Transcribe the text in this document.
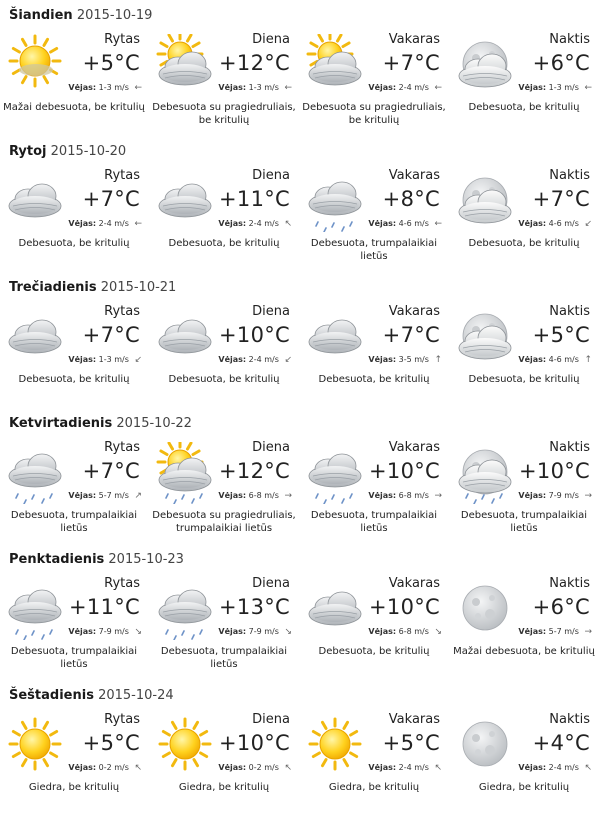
Šiandien 2015-10-19
Rytas
+5°C
Vėjas: 1-3 m/s ←
Mažai debesuota, be kritulių
Diena
+12°C
Vėjas: 1-3 m/s ←
Debesuota su pragiedruliais, be kritulių
Vakaras
+7°C
Vėjas: 2-4 m/s ←
Debesuota su pragiedruliais, be kritulių
Naktis
+6°C
Vėjas: 1-3 m/s ←
Debesuota, be kritulių
Rytoj 2015-10-20
Rytas
+7°C
Vėjas: 2-4 m/s ←
Debesuota, be kritulių
Diena
+11°C
Vėjas: 2-4 m/s ↖
Debesuota, be kritulių
Vakaras
+8°C
Vėjas: 4-6 m/s ←
Debesuota, trumpalaikiai lietūs
Naktis
+7°C
Vėjas: 4-6 m/s ↙
Debesuota, be kritulių
Trečiadienis 2015-10-21
Rytas
+7°C
Vėjas: 1-3 m/s ↙
Debesuota, be kritulių
Diena
+10°C
Vėjas: 2-4 m/s ↙
Debesuota, be kritulių
Vakaras
+7°C
Vėjas: 3-5 m/s ↑
Debesuota, be kritulių
Naktis
+5°C
Vėjas: 4-6 m/s ↑
Debesuota, be kritulių
Ketvirtadienis 2015-10-22
Rytas
+7°C
Vėjas: 5-7 m/s ↗
Debesuota, trumpalaikiai lietūs
Diena
+12°C
Vėjas: 6-8 m/s →
Debesuota su pragiedruliais, trumpalaikiai lietūs
Vakaras
+10°C
Vėjas: 6-8 m/s →
Debesuota, trumpalaikiai lietūs
Naktis
+10°C
Vėjas: 7-9 m/s →
Debesuota, trumpalaikiai lietūs
Penktadienis 2015-10-23
Rytas
+11°C
Vėjas: 7-9 m/s ↘
Debesuota, trumpalaikiai lietūs
Diena
+13°C
Vėjas: 7-9 m/s ↘
Debesuota, trumpalaikiai lietūs
Vakaras
+10°C
Vėjas: 6-8 m/s ↘
Debesuota, be kritulių
Naktis
+6°C
Vėjas: 5-7 m/s →
Mažai debesuota, be kritulių
Šeštadienis 2015-10-24
Rytas
+5°C
Vėjas: 0-2 m/s ↖
Giedra, be kritulių
Diena
+10°C
Vėjas: 0-2 m/s ↖
Giedra, be kritulių
Vakaras
+5°C
Vėjas: 2-4 m/s ↖
Giedra, be kritulių
Naktis
+4°C
Vėjas: 2-4 m/s ↖
Giedra, be kritulių
